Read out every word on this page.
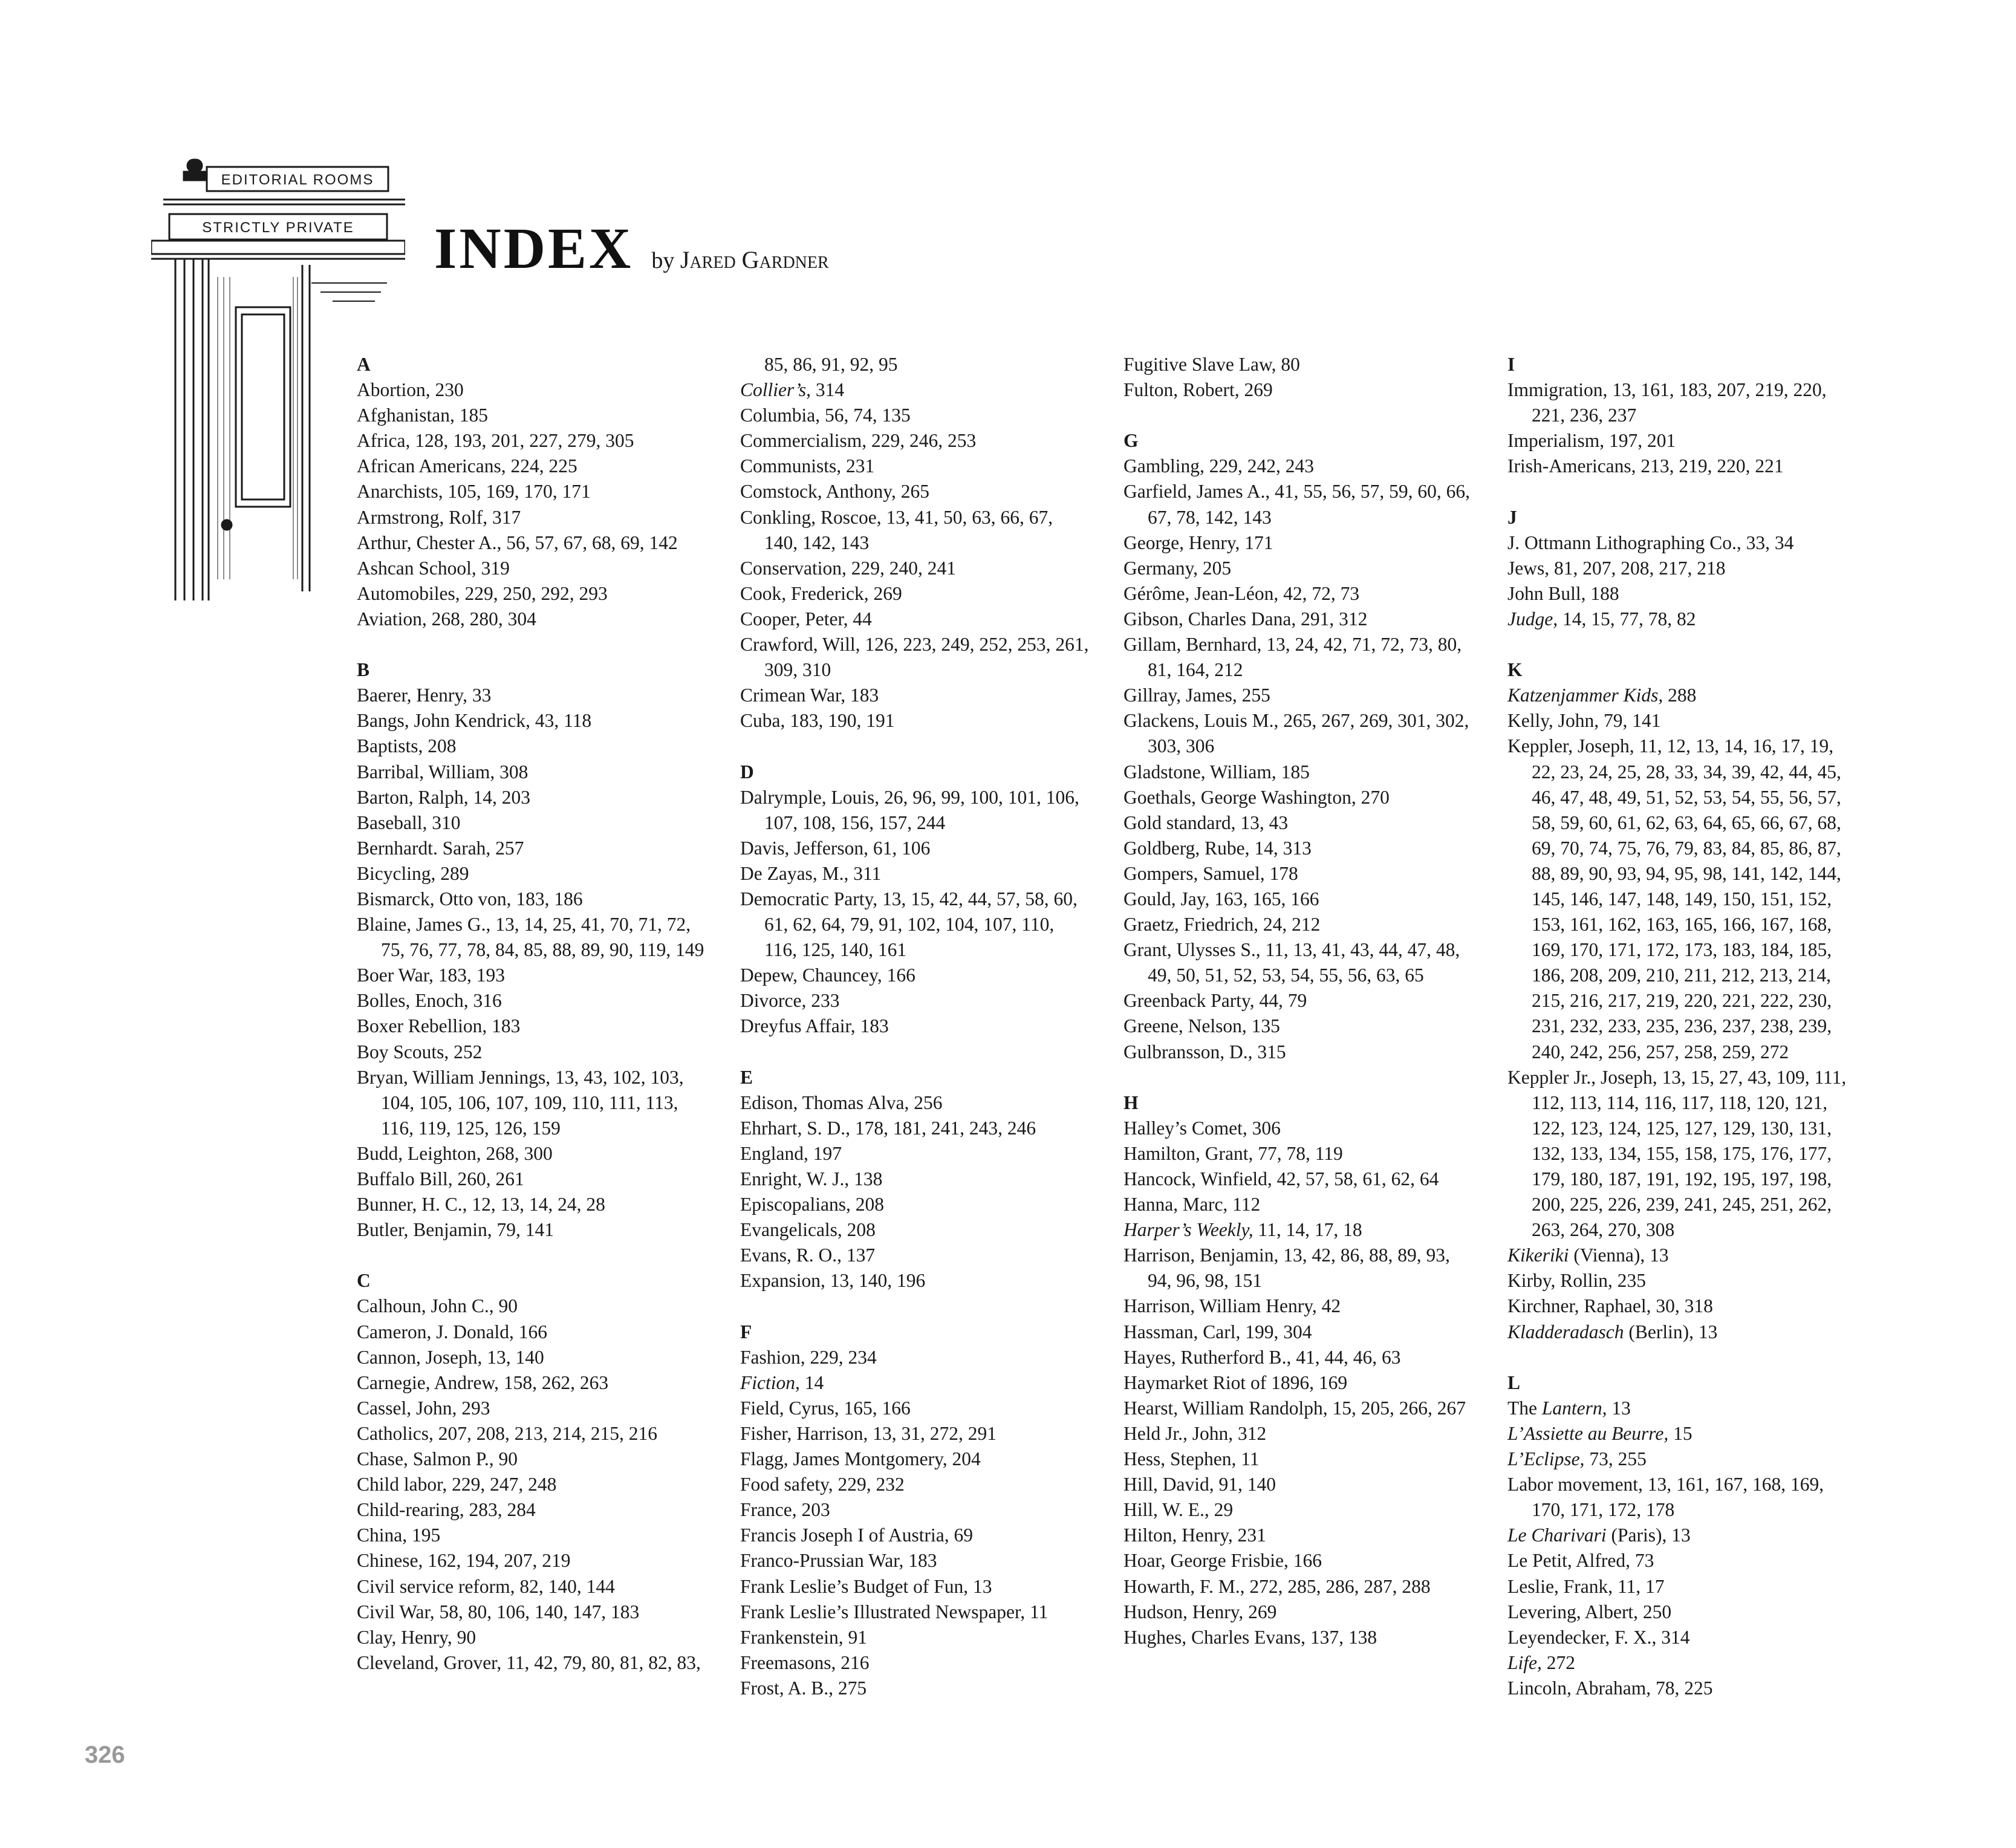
EDITORIAL ROOMS
STRICTLY PRIVATE INDEX by Jared Gardner
A
Abortion, 230
Afghanistan, 185
Africa, 128, 193, 201, 227, 279, 305
African Americans, 224, 225
Anarchists, 105, 169, 170, 171
Armstrong, Rolf, 317
Arthur, Chester A., 56, 57, 67, 68, 69, 142
Ashcan School, 319
Automobiles, 229, 250, 292, 293
Aviation, 268, 280, 304
B
Baerer, Henry, 33
Bangs, John Kendrick, 43, 118
Baptists, 208
Barribal, William, 308
Barton, Ralph, 14, 203
Baseball, 310
Bernhardt. Sarah, 257
Bicycling, 289
Bismarck, Otto von, 183, 186
Blaine, James G., 13, 14, 25, 41, 70, 71, 72, 75, 76, 77, 78, 84, 85, 88, 89, 90, 119, 149
Boer War, 183, 193
Bolles, Enoch, 316
Boxer Rebellion, 183
Boy Scouts, 252
Bryan, William Jennings, 13, 43, 102, 103, 104, 105, 106, 107, 109, 110, 111, 113, 116, 119, 125, 126, 159
Budd, Leighton, 268, 300
Buffalo Bill, 260, 261
Bunner, H. C., 12, 13, 14, 24, 28
Butler, Benjamin, 79, 141
C
Calhoun, John C., 90
Cameron, J. Donald, 166
Cannon, Joseph, 13, 140
Carnegie, Andrew, 158, 262, 263
Cassel, John, 293
Catholics, 207, 208, 213, 214, 215, 216
Chase, Salmon P., 90
Child labor, 229, 247, 248
Child-rearing, 283, 284
China, 195
Chinese, 162, 194, 207, 219
Civil service reform, 82, 140, 144
Civil War, 58, 80, 106, 140, 147, 183
Clay, Henry, 90
Cleveland, Grover, 11, 42, 79, 80, 81, 82, 83,
85, 86, 91, 92, 95
Collier’s, 314
Columbia, 56, 74, 135
Commercialism, 229, 246, 253
Communists, 231
Comstock, Anthony, 265
Conkling, Roscoe, 13, 41, 50, 63, 66, 67, 140, 142, 143
Conservation, 229, 240, 241
Cook, Frederick, 269
Cooper, Peter, 44
Crawford, Will, 126, 223, 249, 252, 253, 261, 309, 310
Crimean War, 183
Cuba, 183, 190, 191
D
Dalrymple, Louis, 26, 96, 99, 100, 101, 106, 107, 108, 156, 157, 244
Davis, Jefferson, 61, 106
De Zayas, M., 311
Democratic Party, 13, 15, 42, 44, 57, 58, 60, 61, 62, 64, 79, 91, 102, 104, 107, 110, 116, 125, 140, 161
Depew, Chauncey, 166
Divorce, 233
Dreyfus Affair, 183
E
Edison, Thomas Alva, 256
Ehrhart, S. D., 178, 181, 241, 243, 246
England, 197
Enright, W. J., 138
Episcopalians, 208
Evangelicals, 208
Evans, R. O., 137
Expansion, 13, 140, 196
F
Fashion, 229, 234
Fiction, 14
Field, Cyrus, 165, 166
Fisher, Harrison, 13, 31, 272, 291
Flagg, James Montgomery, 204
Food safety, 229, 232
France, 203
Francis Joseph I of Austria, 69
Franco-Prussian War, 183
Frank Leslie’s Budget of Fun, 13
Frank Leslie’s Illustrated Newspaper, 11
Frankenstein, 91
Freemasons, 216
Frost, A. B., 275
Fugitive Slave Law, 80
Fulton, Robert, 269
G
Gambling, 229, 242, 243
Garfield, James A., 41, 55, 56, 57, 59, 60, 66, 67, 78, 142, 143
George, Henry, 171
Germany, 205
Gérôme, Jean-Léon, 42, 72, 73
Gibson, Charles Dana, 291, 312
Gillam, Bernhard, 13, 24, 42, 71, 72, 73, 80, 81, 164, 212
Gillray, James, 255
Glackens, Louis M., 265, 267, 269, 301, 302, 303, 306
Gladstone, William, 185
Goethals, George Washington, 270
Gold standard, 13, 43
Goldberg, Rube, 14, 313
Gompers, Samuel, 178
Gould, Jay, 163, 165, 166
Graetz, Friedrich, 24, 212
Grant, Ulysses S., 11, 13, 41, 43, 44, 47, 48, 49, 50, 51, 52, 53, 54, 55, 56, 63, 65
Greenback Party, 44, 79
Greene, Nelson, 135
Gulbransson, D., 315
H
Halley’s Comet, 306
Hamilton, Grant, 77, 78, 119
Hancock, Winfield, 42, 57, 58, 61, 62, 64
Hanna, Marc, 112
Harper’s Weekly, 11, 14, 17, 18
Harrison, Benjamin, 13, 42, 86, 88, 89, 93, 94, 96, 98, 151
Harrison, William Henry, 42
Hassman, Carl, 199, 304
Hayes, Rutherford B., 41, 44, 46, 63
Haymarket Riot of 1896, 169
Hearst, William Randolph, 15, 205, 266, 267
Held Jr., John, 312
Hess, Stephen, 11
Hill, David, 91, 140
Hill, W. E., 29
Hilton, Henry, 231
Hoar, George Frisbie, 166
Howarth, F. M., 272, 285, 286, 287, 288
Hudson, Henry, 269
Hughes, Charles Evans, 137, 138
I
Immigration, 13, 161, 183, 207, 219, 220, 221, 236, 237
Imperialism, 197, 201
Irish-Americans, 213, 219, 220, 221
J
J. Ottmann Lithographing Co., 33, 34
Jews, 81, 207, 208, 217, 218
John Bull, 188
Judge, 14, 15, 77, 78, 82
K
Katzenjammer Kids, 288
Kelly, John, 79, 141
Keppler, Joseph, 11, 12, 13, 14, 16, 17, 19, 22, 23, 24, 25, 28, 33, 34, 39, 42, 44, 45, 46, 47, 48, 49, 51, 52, 53, 54, 55, 56, 57, 58, 59, 60, 61, 62, 63, 64, 65, 66, 67, 68, 69, 70, 74, 75, 76, 79, 83, 84, 85, 86, 87, 88, 89, 90, 93, 94, 95, 98, 141, 142, 144, 145, 146, 147, 148, 149, 150, 151, 152, 153, 161, 162, 163, 165, 166, 167, 168, 169, 170, 171, 172, 173, 183, 184, 185, 186, 208, 209, 210, 211, 212, 213, 214, 215, 216, 217, 219, 220, 221, 222, 230, 231, 232, 233, 235, 236, 237, 238, 239, 240, 242, 256, 257, 258, 259, 272
Keppler Jr., Joseph, 13, 15, 27, 43, 109, 111, 112, 113, 114, 116, 117, 118, 120, 121, 122, 123, 124, 125, 127, 129, 130, 131, 132, 133, 134, 155, 158, 175, 176, 177, 179, 180, 187, 191, 192, 195, 197, 198, 200, 225, 226, 239, 241, 245, 251, 262, 263, 264, 270, 308
Kikeriki (Vienna), 13
Kirby, Rollin, 235
Kirchner, Raphael, 30, 318
Kladderadasch (Berlin), 13
L
The Lantern, 13
L’Assiette au Beurre, 15
L’Eclipse, 73, 255
Labor movement, 13, 161, 167, 168, 169, 170, 171, 172, 178
Le Charivari (Paris), 13
Le Petit, Alfred, 73
Leslie, Frank, 11, 17
Levering, Albert, 250
Leyendecker, F. X., 314
Life, 272
Lincoln, Abraham, 78, 225
326
